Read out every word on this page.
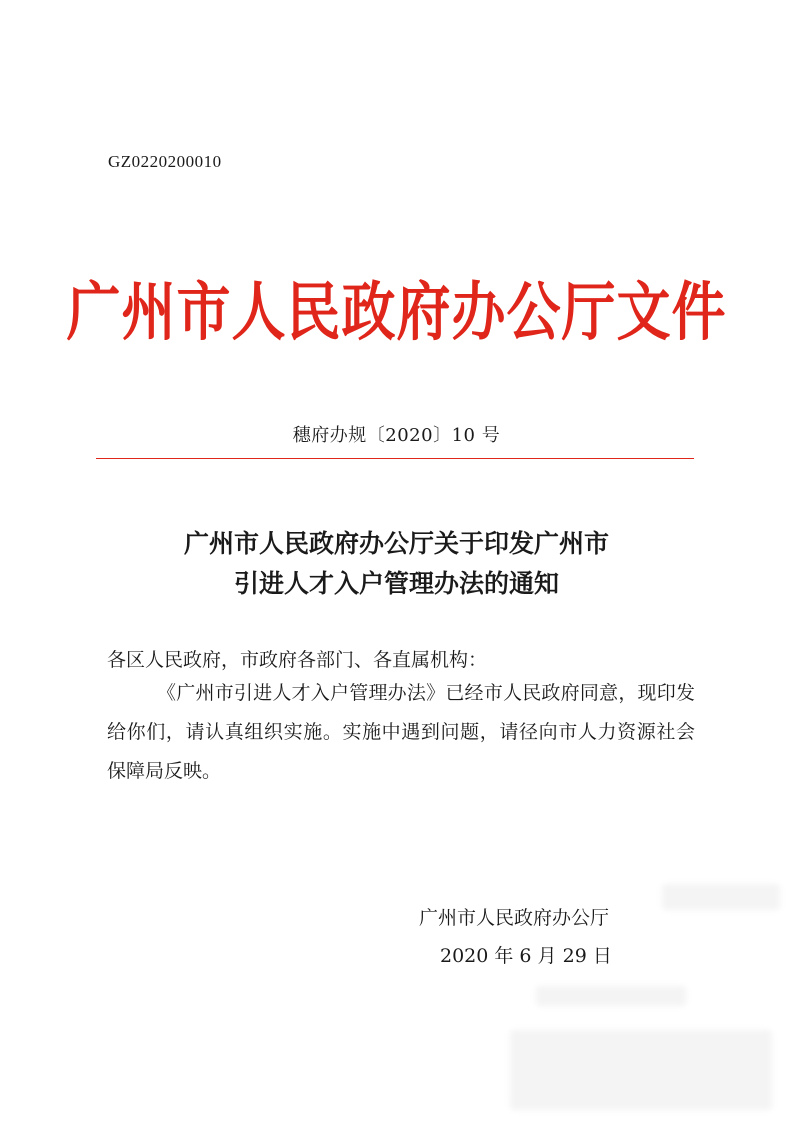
GZ0220200010
广州市人民政府办公厅文件
穗府办规〔2020〕10 号
广州市人民政府办公厅关于印发广州市
引进人才入户管理办法的通知
各区人民政府，市政府各部门、各直属机构：
《广州市引进人才入户管理办法》已经市人民政府同意，现印发给你们，请认真组织实施。实施中遇到问题，请径向市人力资源社会保障局反映。
广州市人民政府办公厅
2020 年 6 月 29 日
